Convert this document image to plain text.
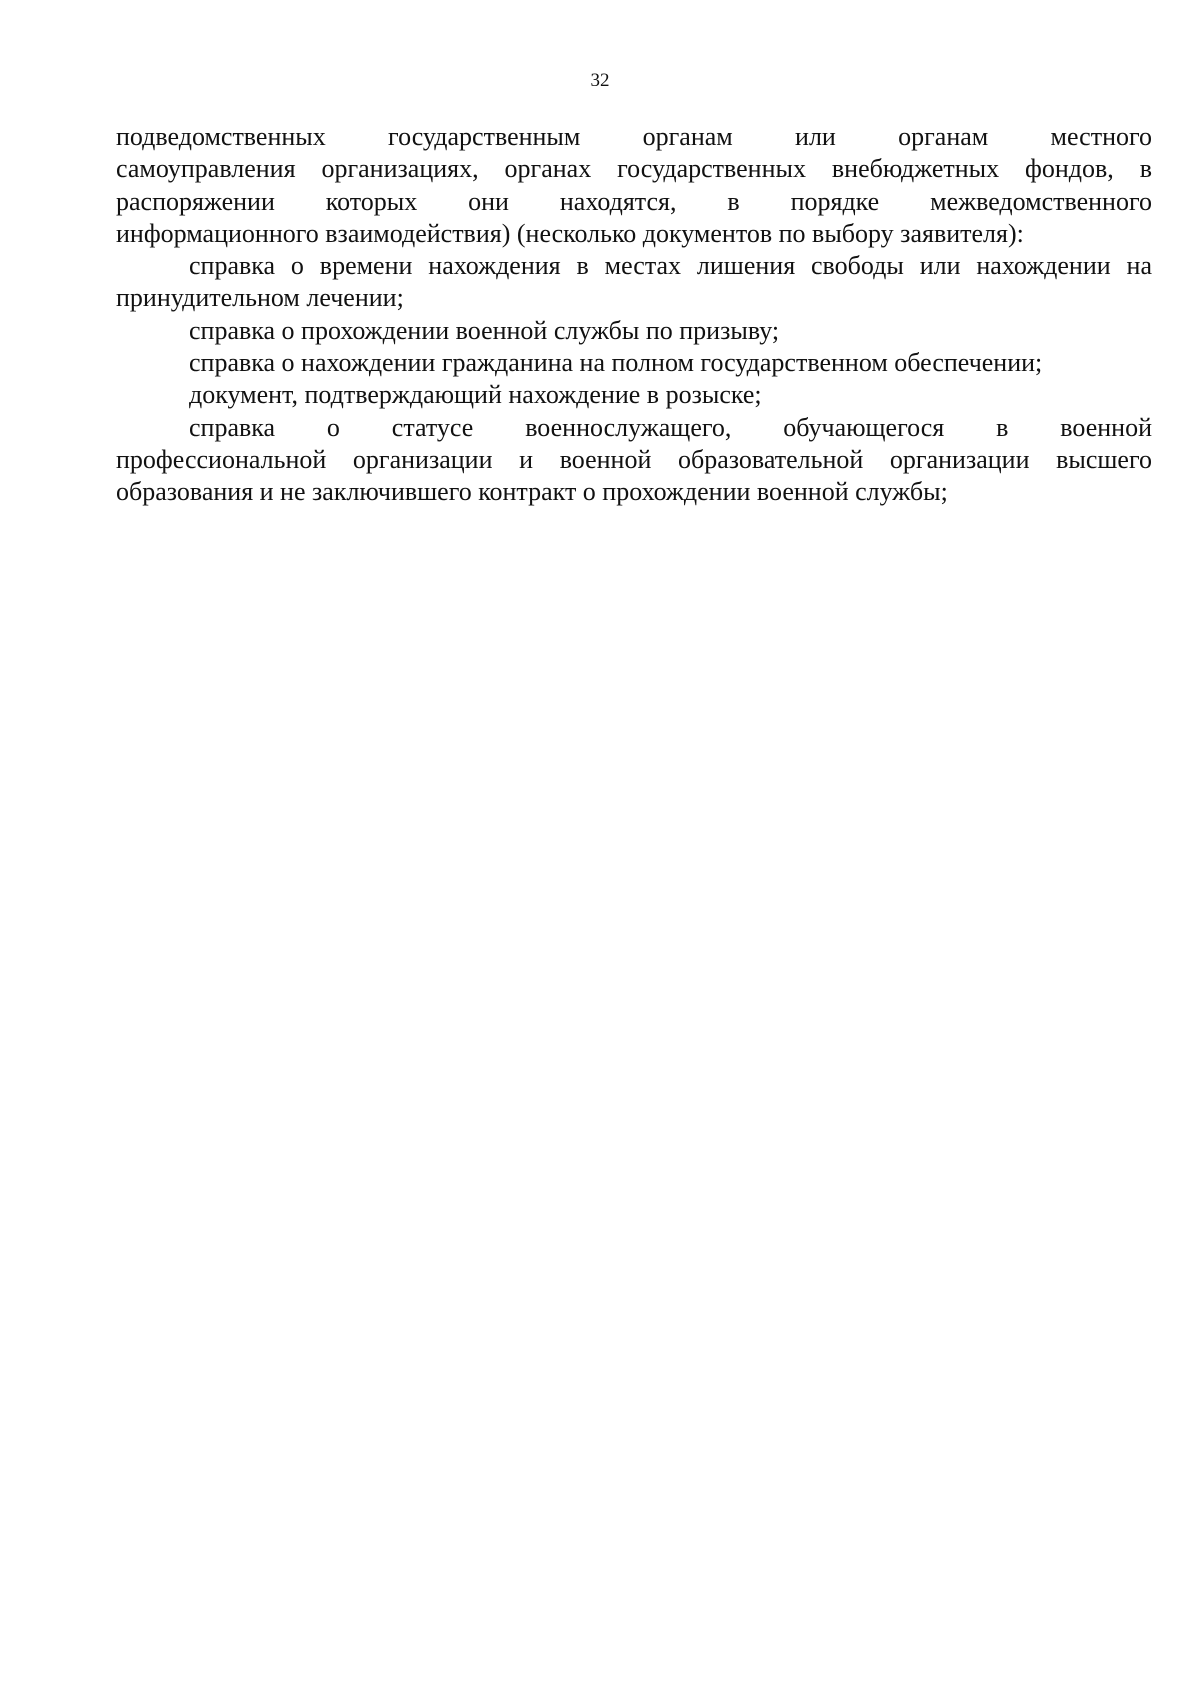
32
подведомственных государственным органам или органам местного
самоуправления организациях, органах государственных внебюджетных фондов, в
распоряжении которых они находятся, в порядке межведомственного
информационного взаимодействия) (несколько документов по выбору заявителя):
справка о времени нахождения в местах лишения свободы или нахождении на
принудительном лечении;
справка о прохождении военной службы по призыву;
справка о нахождении гражданина на полном государственном обеспечении;
документ, подтверждающий нахождение в розыске;
справка о статусе военнослужащего, обучающегося в военной
профессиональной организации и военной образовательной организации высшего
образования и не заключившего контракт о прохождении военной службы;
